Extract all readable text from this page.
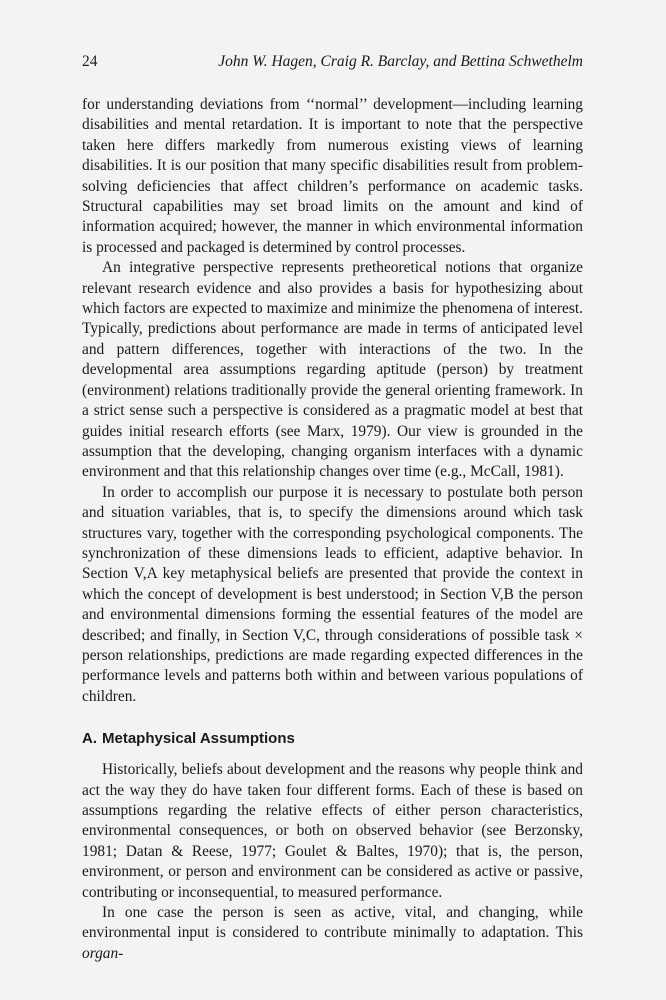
24	John W. Hagen, Craig R. Barclay, and Bettina Schwethelm

for understanding deviations from ‘‘normal’’ development—including learning disabilities and mental retardation. It is important to note that the perspective taken here differs markedly from numerous existing views of learning disabilities. It is our position that many specific disabilities result from problem-solving deficiencies that affect children’s performance on academic tasks. Structural capabilities may set broad limits on the amount and kind of information acquired; however, the manner in which environmental information is processed and packaged is determined by control processes.

An integrative perspective represents pretheoretical notions that organize relevant research evidence and also provides a basis for hypothesizing about which factors are expected to maximize and minimize the phenomena of interest. Typically, predictions about performance are made in terms of anticipated level and pattern differences, together with interactions of the two. In the developmental area assumptions regarding aptitude (person) by treatment (environment) relations traditionally provide the general orienting framework. In a strict sense such a perspective is considered as a pragmatic model at best that guides initial research efforts (see Marx, 1979). Our view is grounded in the assumption that the developing, changing organism interfaces with a dynamic environment and that this relationship changes over time (e.g., McCall, 1981).

In order to accomplish our purpose it is necessary to postulate both person and situation variables, that is, to specify the dimensions around which task structures vary, together with the corresponding psychological components. The synchronization of these dimensions leads to efficient, adaptive behavior. In Section V,A key metaphysical beliefs are presented that provide the context in which the concept of development is best understood; in Section V,B the person and environmental dimensions forming the essential features of the model are described; and finally, in Section V,C, through considerations of possible task × person relationships, predictions are made regarding expected differences in the performance levels and patterns both within and between various populations of children.

A. Metaphysical Assumptions

Historically, beliefs about development and the reasons why people think and act the way they do have taken four different forms. Each of these is based on assumptions regarding the relative effects of either person characteristics, environmental consequences, or both on observed behavior (see Berzonsky, 1981; Datan & Reese, 1977; Goulet & Baltes, 1970); that is, the person, environment, or person and environment can be considered as active or passive, contributing or inconsequential, to measured performance.

In one case the person is seen as active, vital, and changing, while environmental input is considered to contribute minimally to adaptation. This organ-
